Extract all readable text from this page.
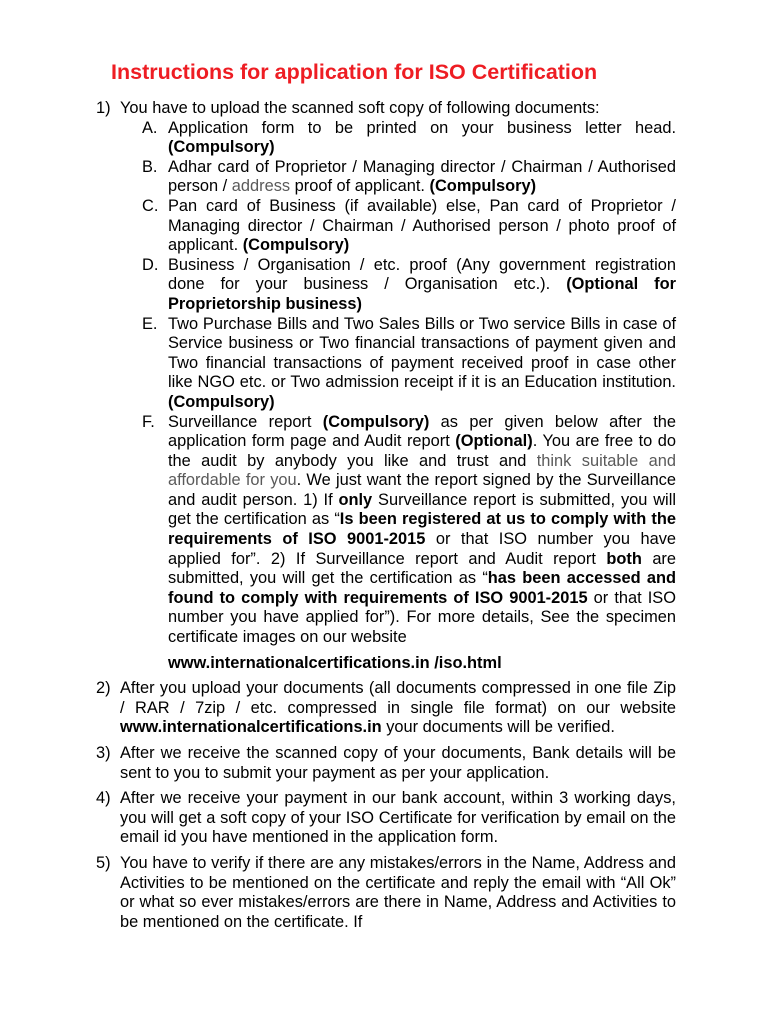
Instructions for application for ISO Certification
1) You have to upload the scanned soft copy of following documents:

A. Application form to be printed on your business letter head. (Compulsory)

B. Adhar card of Proprietor / Managing director / Chairman / Authorised person / address proof of applicant. (Compulsory)

C. Pan card of Business (if available) else, Pan card of Proprietor / Managing director / Chairman / Authorised person / photo proof of applicant. (Compulsory)

D. Business / Organisation / etc. proof (Any government registration done for your business / Organisation etc.). (Optional for Proprietorship business)

E. Two Purchase Bills and Two Sales Bills or Two service Bills in case of Service business or Two financial transactions of payment given and Two financial transactions of payment received proof in case other like NGO etc. or Two admission receipt if it is an Education institution. (Compulsory)

F. Surveillance report (Compulsory) as per given below after the application form page and Audit report (Optional). You are free to do the audit by anybody you like and trust and think suitable and affordable for you. We just want the report signed by the Surveillance and audit person. 1) If only Surveillance report is submitted, you will get the certification as “Is been registered at us to comply with the requirements of ISO 9001-2015 or that ISO number you have applied for”. 2) If Surveillance report and Audit report both are submitted, you will get the certification as “has been accessed and found to comply with requirements of ISO 9001-2015 or that ISO number you have applied for”). For more details, See the specimen certificate images on our website

www.internationalcertifications.in /iso.html
2) After you upload your documents (all documents compressed in one file Zip / RAR / 7zip / etc. compressed in single file format) on our website www.internationalcertifications.in your documents will be verified.

3) After we receive the scanned copy of your documents, Bank details will be sent to you to submit your payment as per your application.

4) After we receive your payment in our bank account, within 3 working days, you will get a soft copy of your ISO Certificate for verification by email on the email id you have mentioned in the application form.

5) You have to verify if there are any mistakes/errors in the Name, Address and Activities to be mentioned on the certificate and reply the email with “All Ok” or what so ever mistakes/errors are there in Name, Address and Activities to be mentioned on the certificate. If
